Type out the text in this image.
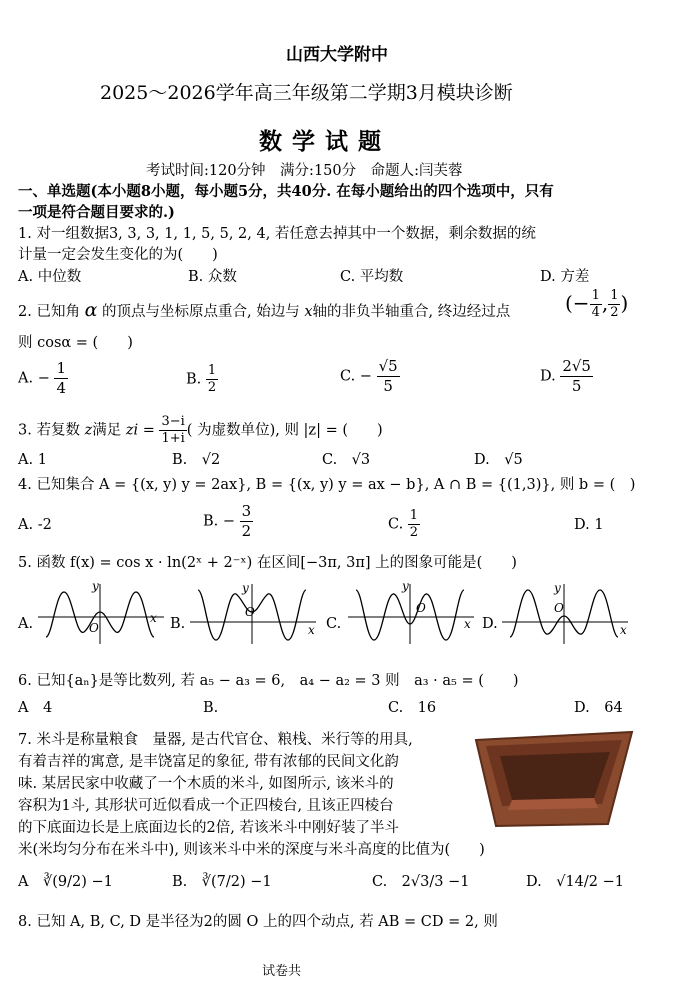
山西大学附中
2025～2026学年高三年级第二学期3月模块诊断
数学试题
考试时间:120分钟　满分:150分　命题人:闫芙蓉
一、单选题(本小题8小题，每小题5分，共40分. 在每小题给出的四个选项中，只有
一项是符合题目要求的.)
1. 对一组数据3, 3, 3, 1, 1, 5, 5, 2, 4, 若任意去掉其中一个数据，剩余数据的统
计量一定会发生变化的为(　　)
A. 中位数	B. 众数	C. 平均数	D. 方差
2. 已知角 α 的顶点与坐标原点重合, 始边与 x轴的非负半轴重合, 终边经过点	(− $\frac{1}{4}$ , $\frac{1}{2}$ )
则 cosα = (　　)
A. − $\frac{1}{4}$	B. $\frac{1}{2}$	C. − $\frac{√5}{5}$	D. $\frac{2√5}{5}$
3. 若复数 z满足 zi = $\frac{3-i}{1+i}$ ( 为虚数单位), 则 |z| = (　　)
A. 1	B.　√2	C.　√3	D.　√5
4. 已知集合 A = {(x, y) y = 2ax}, B = {(x, y) y = ax − b}, A ∩ B = {(1,3)}, 则 b = (　)
A. -2	B. − $\frac{3}{2}$	C. $\frac{1}{2}$	D. 1
5. 函数 f(x) = cos x · ln(2ˣ + 2⁻ˣ) 在区间[−3π, 3π] 上的图象可能是(　　)
A.	B.	C.	D.
x
y
O	x
y
O
x
y
O
x
y
O
6. 已知{aₙ}是等比数列, 若 a₅ − a₃ = 6,　a₄ − a₂ = 3 则　a₃ · a₅ = (　　)
A　4	B.	C.　16	D.　64
7. 米斗是称量粮食　量器, 是古代官仓、粮栈、米行等的用具,
有着吉祥的寓意, 是丰饶富足的象征, 带有浓郁的民间文化韵
味. 某居民家中收藏了一个木质的米斗, 如图所示, 该米斗的
容积为1斗, 其形状可近似看成一个正四棱台, 且该正四棱台
的下底面边长是上底面边长的2倍, 若该米斗中刚好装了半斗
米(米均匀分布在米斗中), 则该米斗中米的深度与米斗高度的比值为(　　)
A　∛(9/2) −1	B.　∛(7/2) −1	C.　2√3/3 −1	D.　√14/2 −1
8. 已知 A, B, C, D 是半径为2的圆 O 上的四个动点, 若 AB = CD = 2, 则
试卷共
